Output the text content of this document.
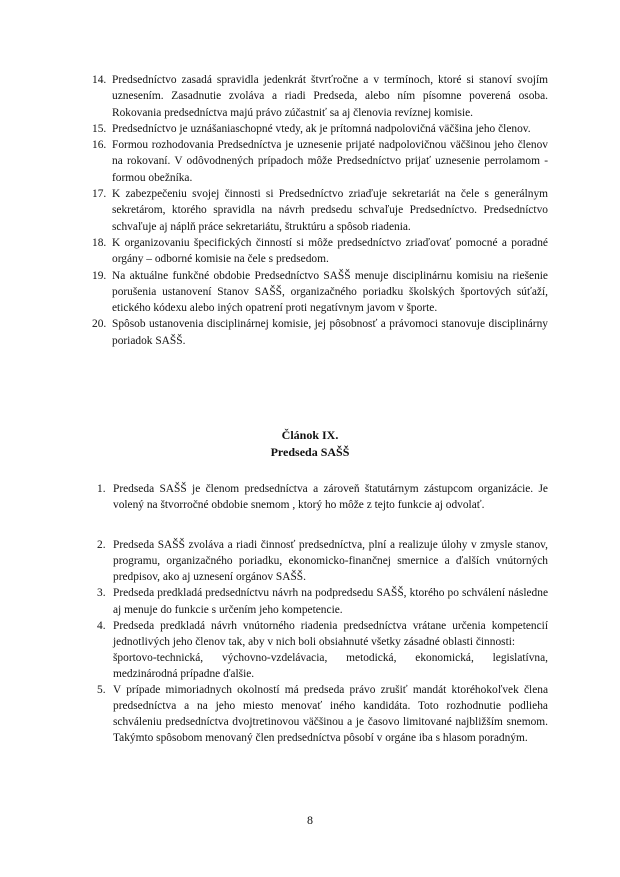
14. Predsedníctvo zasadá spravidla jedenkrát štvrťročne a v termínoch, ktoré si stanoví svojím uznesením. Zasadnutie zvoláva a riadi Predseda, alebo ním písomne poverená osoba. Rokovania predsedníctva majú právo zúčastniť sa aj členovia revíznej komisie.
15. Predsedníctvo je uznášaniaschopné vtedy, ak je prítomná nadpolovičná väčšina jeho členov.
16. Formou rozhodovania Predsedníctva je uznesenie prijaté nadpolovičnou väčšinou jeho členov na rokovaní. V odôvodnených prípadoch môže Predsedníctvo prijať uznesenie perrolamom - formou obežníka.
17. K zabezpečeniu svojej činnosti si Predsedníctvo zriaďuje sekretariát na čele s generálnym sekretárom, ktorého spravidla na návrh predsedu schvaľuje Predsedníctvo. Predsedníctvo schvaľuje aj náplň práce sekretariátu, štruktúru a spôsob riadenia.
18. K organizovaniu špecifických činností si môže predsedníctvo zriaďovať pomocné a poradné orgány – odborné komisie na čele s predsedom.
19. Na aktuálne funkčné obdobie Predsedníctvo SAŠŠ menuje disciplinárnu komisiu na riešenie porušenia ustanovení Stanov SAŠŠ, organizačného poriadku školských športových súťaží, etického kódexu alebo iných opatrení proti negatívnym javom v športe.
20. Spôsob ustanovenia disciplinárnej komisie, jej pôsobnosť a právomoci stanovuje disciplinárny poriadok SAŠŠ.
Článok IX.
Predseda SAŠŠ
1. Predseda SAŠŠ je členom predsedníctva a zároveň štatutárnym zástupcom organizácie. Je volený na štvorročné obdobie snemom , ktorý ho môže z tejto funkcie aj odvolať.
2. Predseda SAŠŠ zvoláva a riadi činnosť predsedníctva, plní a realizuje úlohy v zmysle stanov, programu, organizačného poriadku, ekonomicko-finančnej smernice a ďalších vnútorných predpisov, ako aj uznesení orgánov SAŠŠ.
3. Predseda predkladá predsedníctvu návrh na podpredsedu SAŠŠ, ktorého po schválení následne aj menuje do funkcie s určením jeho kompetencie.
4. Predseda predkladá návrh vnútorného riadenia predsedníctva vrátane určenia kompetencií jednotlivých jeho členov tak, aby v nich boli obsiahnuté všetky zásadné oblasti činnosti:
športovo-technická, výchovno-vzdelávacia, metodická, ekonomická, legislatívna, medzinárodná prípadne ďalšie.
5. V prípade mimoriadnych okolností má predseda právo zrušiť mandát ktoréhokoľvek člena predsedníctva a na jeho miesto menovať iného kandidáta. Toto rozhodnutie podlieha schváleniu predsedníctva dvojtretinovou väčšinou a je časovo limitované najbližším snemom. Takýmto spôsobom menovaný člen predsedníctva pôsobí v orgáne iba s hlasom poradným.
8
